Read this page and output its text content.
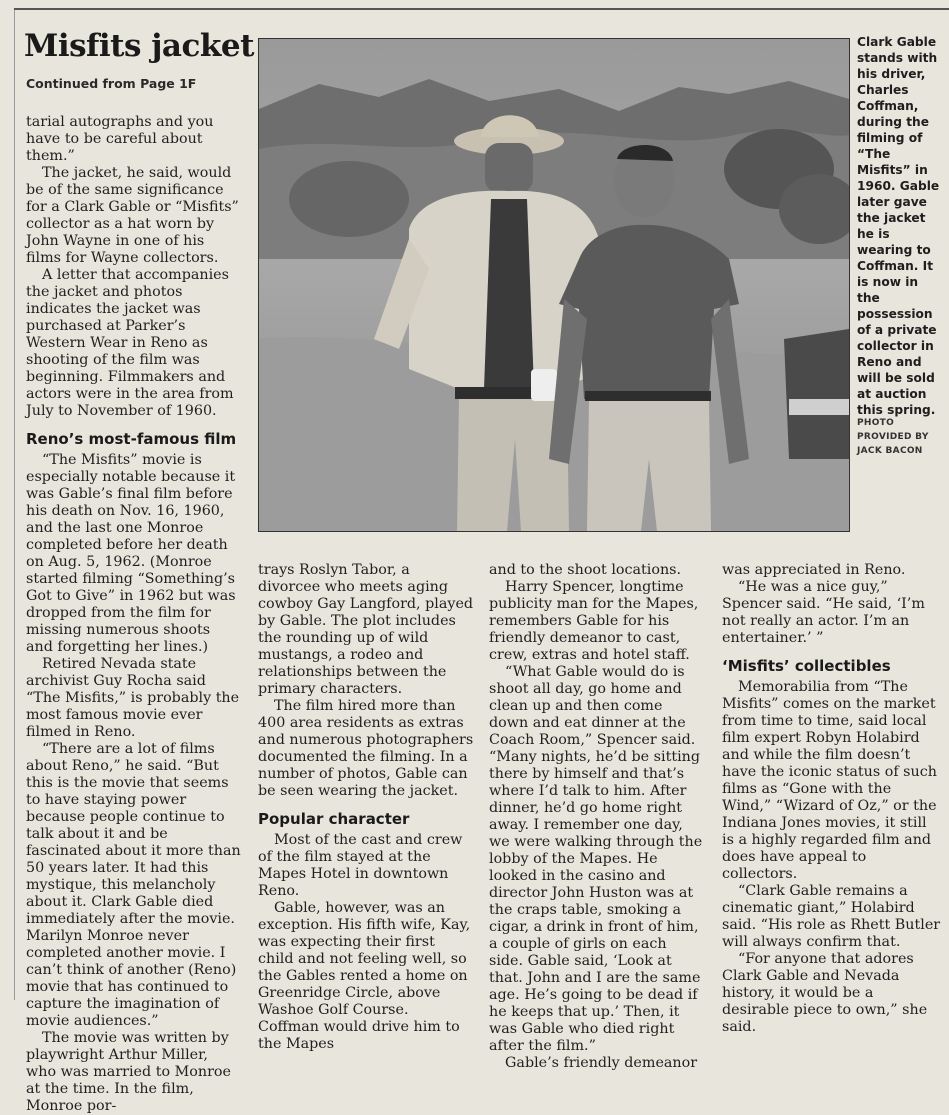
Misfits jacket
Continued from Page 1F

tarial autographs and you have to be careful about them.”

The jacket, he said, would be of the same significance for a Clark Gable or “Misfits” collector as a hat worn by John Wayne in one of his films for Wayne collectors.

A letter that accompanies the jacket and photos indicates the jacket was purchased at Parker’s Western Wear in Reno as shooting of the film was beginning. Filmmakers and actors were in the area from July to November of 1960.

Reno’s most-famous film

“The Misfits” movie is especially notable because it was Gable’s final film before his death on Nov. 16, 1960, and the last one Monroe completed before her death on Aug. 5, 1962. (Monroe started filming “Something’s Got to Give” in 1962 but was dropped from the film for missing numerous shoots and forgetting her lines.)

Retired Nevada state archivist Guy Rocha said “The Misfits,” is probably the most famous movie ever filmed in Reno.

“There are a lot of films about Reno,” he said. “But this is the movie that seems to have staying power because people continue to talk about it and be fascinated about it more than 50 years later. It had this mystique, this melancholy about it. Clark Gable died immediately after the movie. Marilyn Monroe never completed another movie. I can’t think of another (Reno) movie that has continued to capture the imagination of movie audiences.”

The movie was written by playwright Arthur Miller, who was married to Monroe at the time. In the film, Monroe por-

Clark Gable stands with his driver, Charles Coffman, during the filming of “The Misfits” in 1960. Gable later gave the jacket he is wearing to Coffman. It is now in the possession of a private collector in Reno and will be sold at auction this spring.
PHOTO PROVIDED BY JACK BACON

trays Roslyn Tabor, a divorcee who meets aging cowboy Gay Langford, played by Gable. The plot includes the rounding up of wild mustangs, a rodeo and relationships between the primary characters.

The film hired more than 400 area residents as extras and numerous photographers documented the filming. In a number of photos, Gable can be seen wearing the jacket.

Popular character

Most of the cast and crew of the film stayed at the Mapes Hotel in downtown Reno.

Gable, however, was an exception. His fifth wife, Kay, was expecting their first child and not feeling well, so the Gables rented a home on Greenridge Circle, above Washoe Golf Course. Coffman would drive him to the Mapes

and to the shoot locations.

Harry Spencer, longtime publicity man for the Mapes, remembers Gable for his friendly demeanor to cast, crew, extras and hotel staff.

“What Gable would do is shoot all day, go home and clean up and then come down and eat dinner at the Coach Room,” Spencer said. “Many nights, he’d be sitting there by himself and that’s where I’d talk to him. After dinner, he’d go home right away. I remember one day, we were walking through the lobby of the Mapes. He looked in the casino and director John Huston was at the craps table, smoking a cigar, a drink in front of him, a couple of girls on each side. Gable said, ‘Look at that. John and I are the same age. He’s going to be dead if he keeps that up.’ Then, it was Gable who died right after the film.”

Gable’s friendly demeanor

was appreciated in Reno.

“He was a nice guy,” Spencer said. “He said, ‘I’m not really an actor. I’m an entertainer.’ ”

‘Misfits’ collectibles

Memorabilia from “The Misfits” comes on the market from time to time, said local film expert Robyn Holabird and while the film doesn’t have the iconic status of such films as “Gone with the Wind,” “Wizard of Oz,” or the Indiana Jones movies, it still is a highly regarded film and does have appeal to collectors.

“Clark Gable remains a cinematic giant,” Holabird said. “His role as Rhett Butler will always confirm that.

“For anyone that adores Clark Gable and Nevada history, it would be a desirable piece to own,” she said.
